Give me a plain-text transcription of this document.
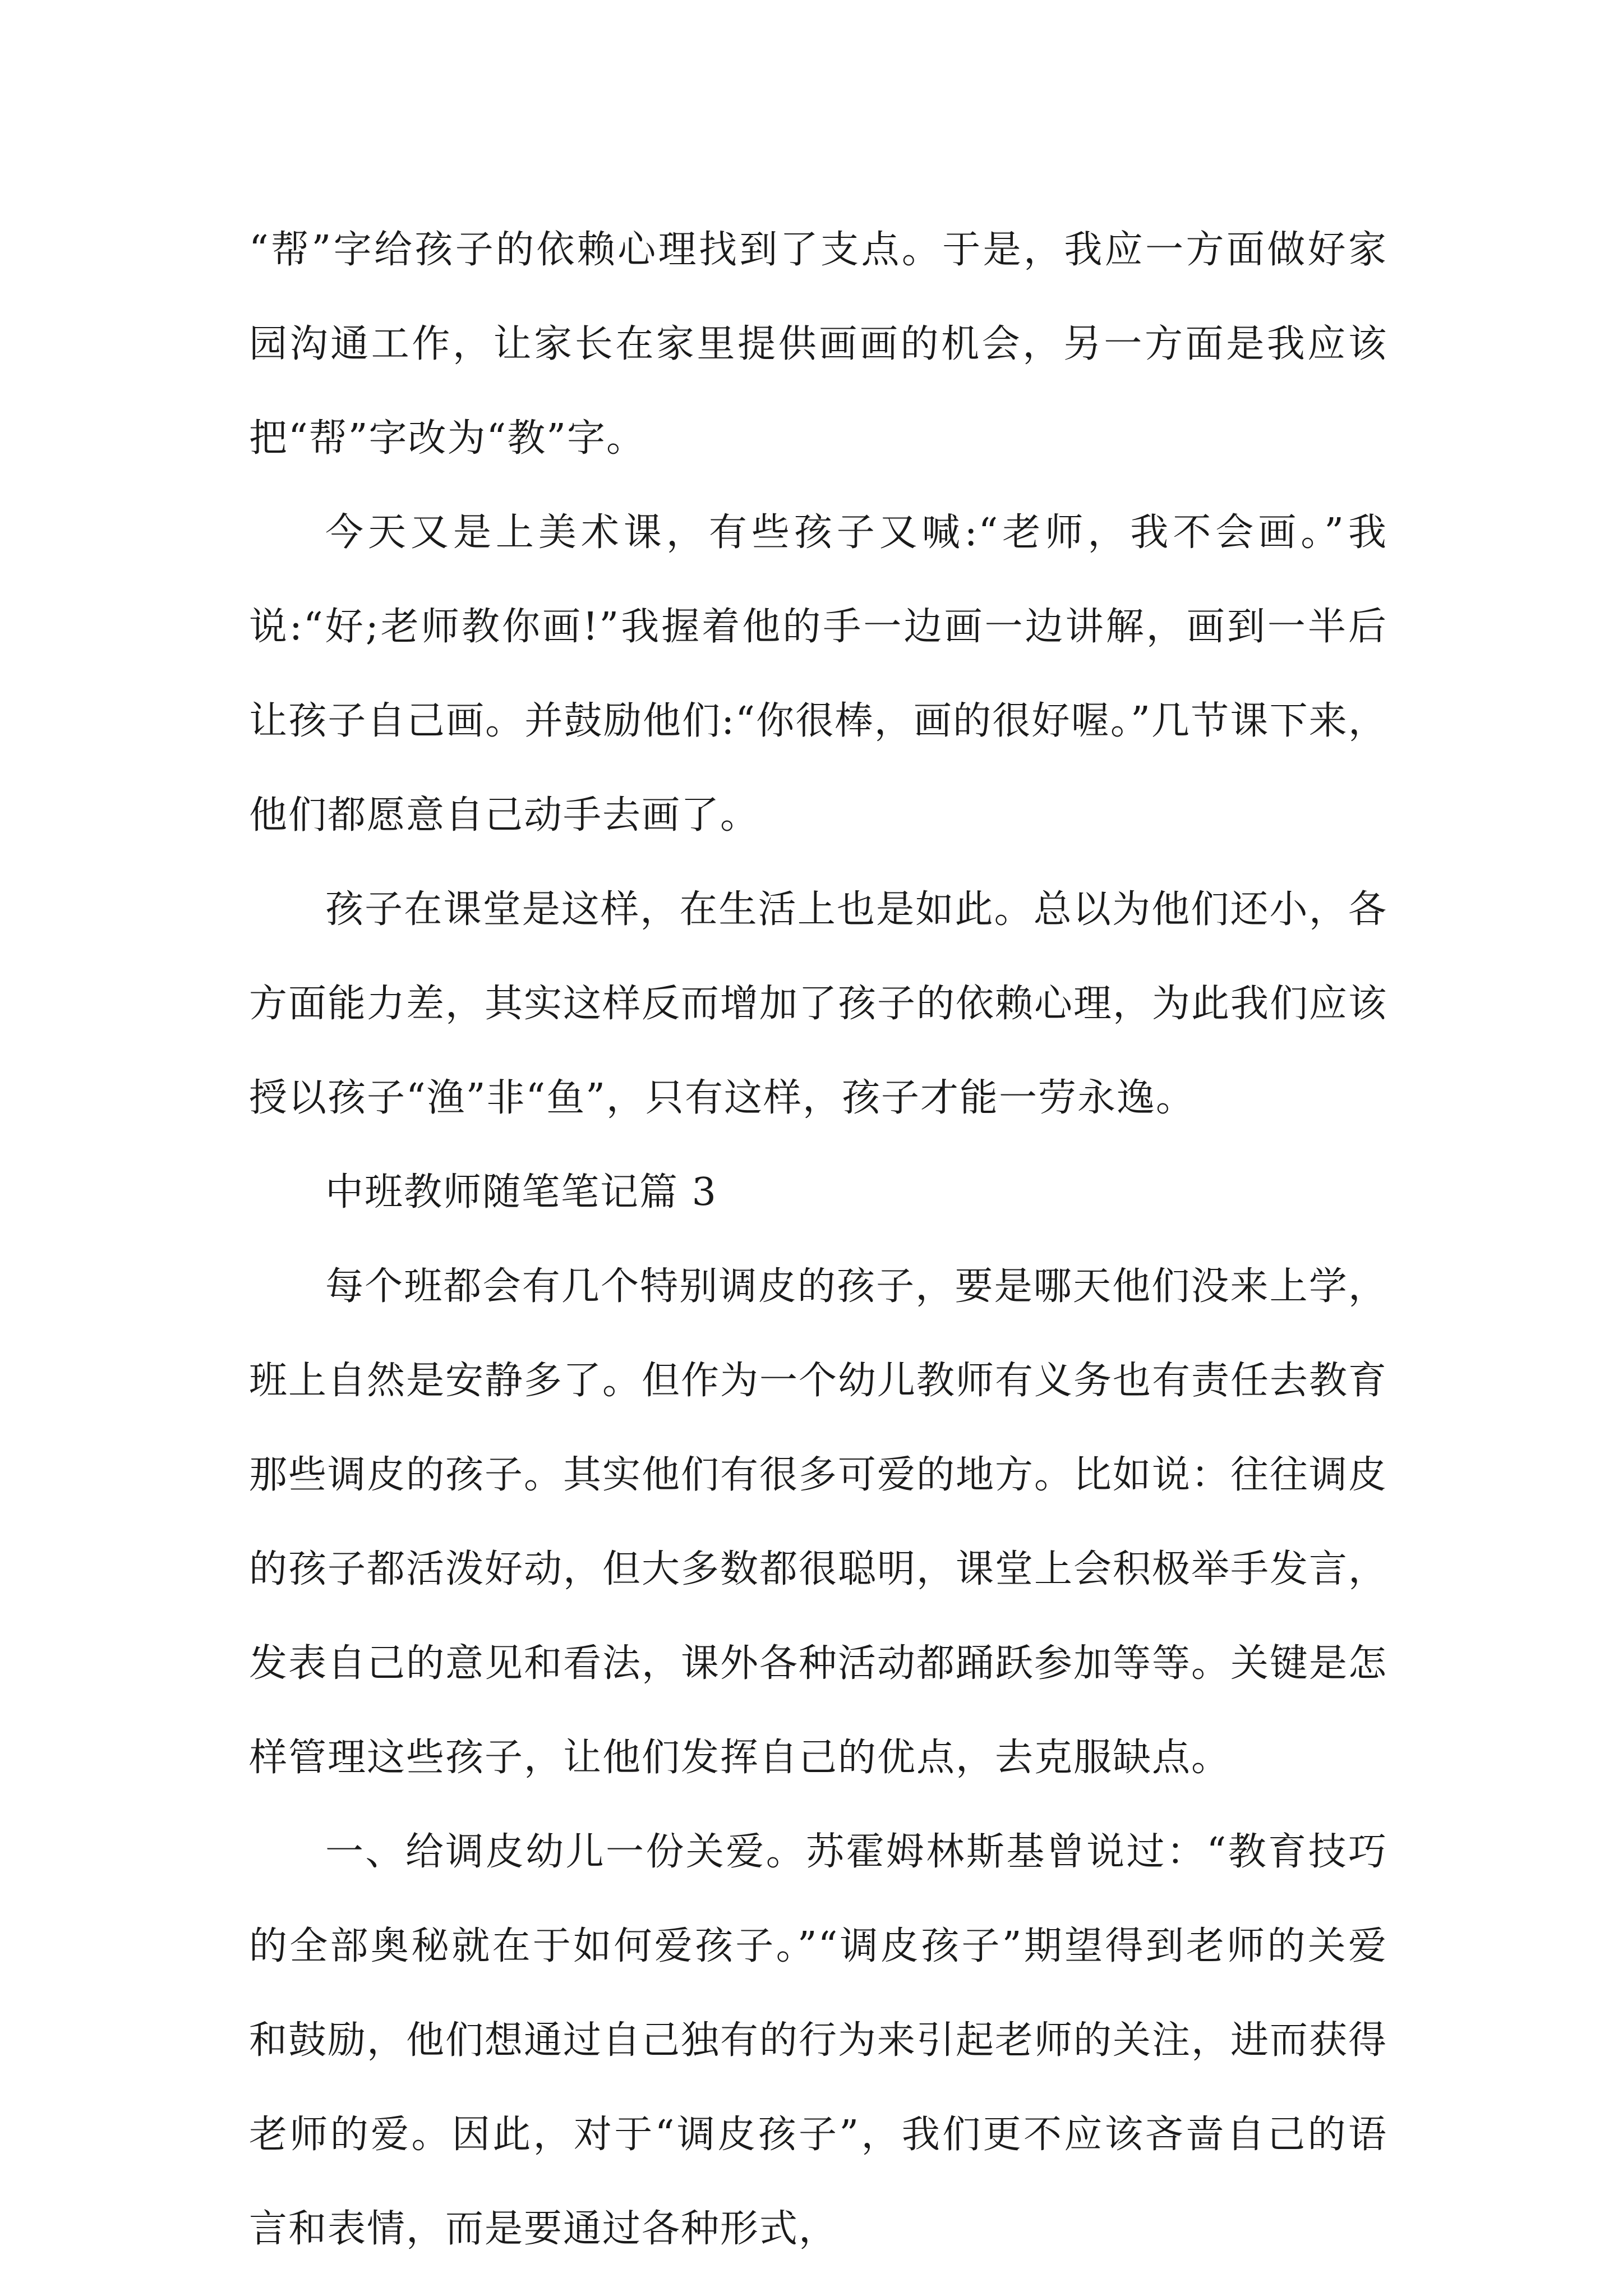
“帮”字给孩子的依赖心理找到了支点。于是，我应一方面做好家园沟通工作，让家长在家里提供画画的机会，另一方面是我应该把“帮”字改为“教”字。

今天又是上美术课，有些孩子又喊:“老师，我不会画。”我说:“好;老师教你画!”我握着他的手一边画一边讲解，画到一半后让孩子自己画。并鼓励他们:“你很棒，画的很好喔。”几节课下来，他们都愿意自己动手去画了。

孩子在课堂是这样，在生活上也是如此。总以为他们还小，各方面能力差，其实这样反而增加了孩子的依赖心理，为此我们应该授以孩子“渔”非“鱼”，只有这样，孩子才能一劳永逸。

中班教师随笔笔记篇 3

每个班都会有几个特别调皮的孩子，要是哪天他们没来上学，班上自然是安静多了。但作为一个幼儿教师有义务也有责任去教育那些调皮的孩子。其实他们有很多可爱的地方。比如说：往往调皮的孩子都活泼好动，但大多数都很聪明，课堂上会积极举手发言，发表自己的意见和看法，课外各种活动都踊跃参加等等。关键是怎样管理这些孩子，让他们发挥自己的优点，去克服缺点。

一、给调皮幼儿一份关爱。苏霍姆林斯基曾说过：“教育技巧的全部奥秘就在于如何爱孩子。”“调皮孩子”期望得到老师的关爱和鼓励，他们想通过自己独有的行为来引起老师的关注，进而获得老师的爱。因此，对于“调皮孩子”，我们更不应该吝啬自己的语言和表情，而是要通过各种形式，
